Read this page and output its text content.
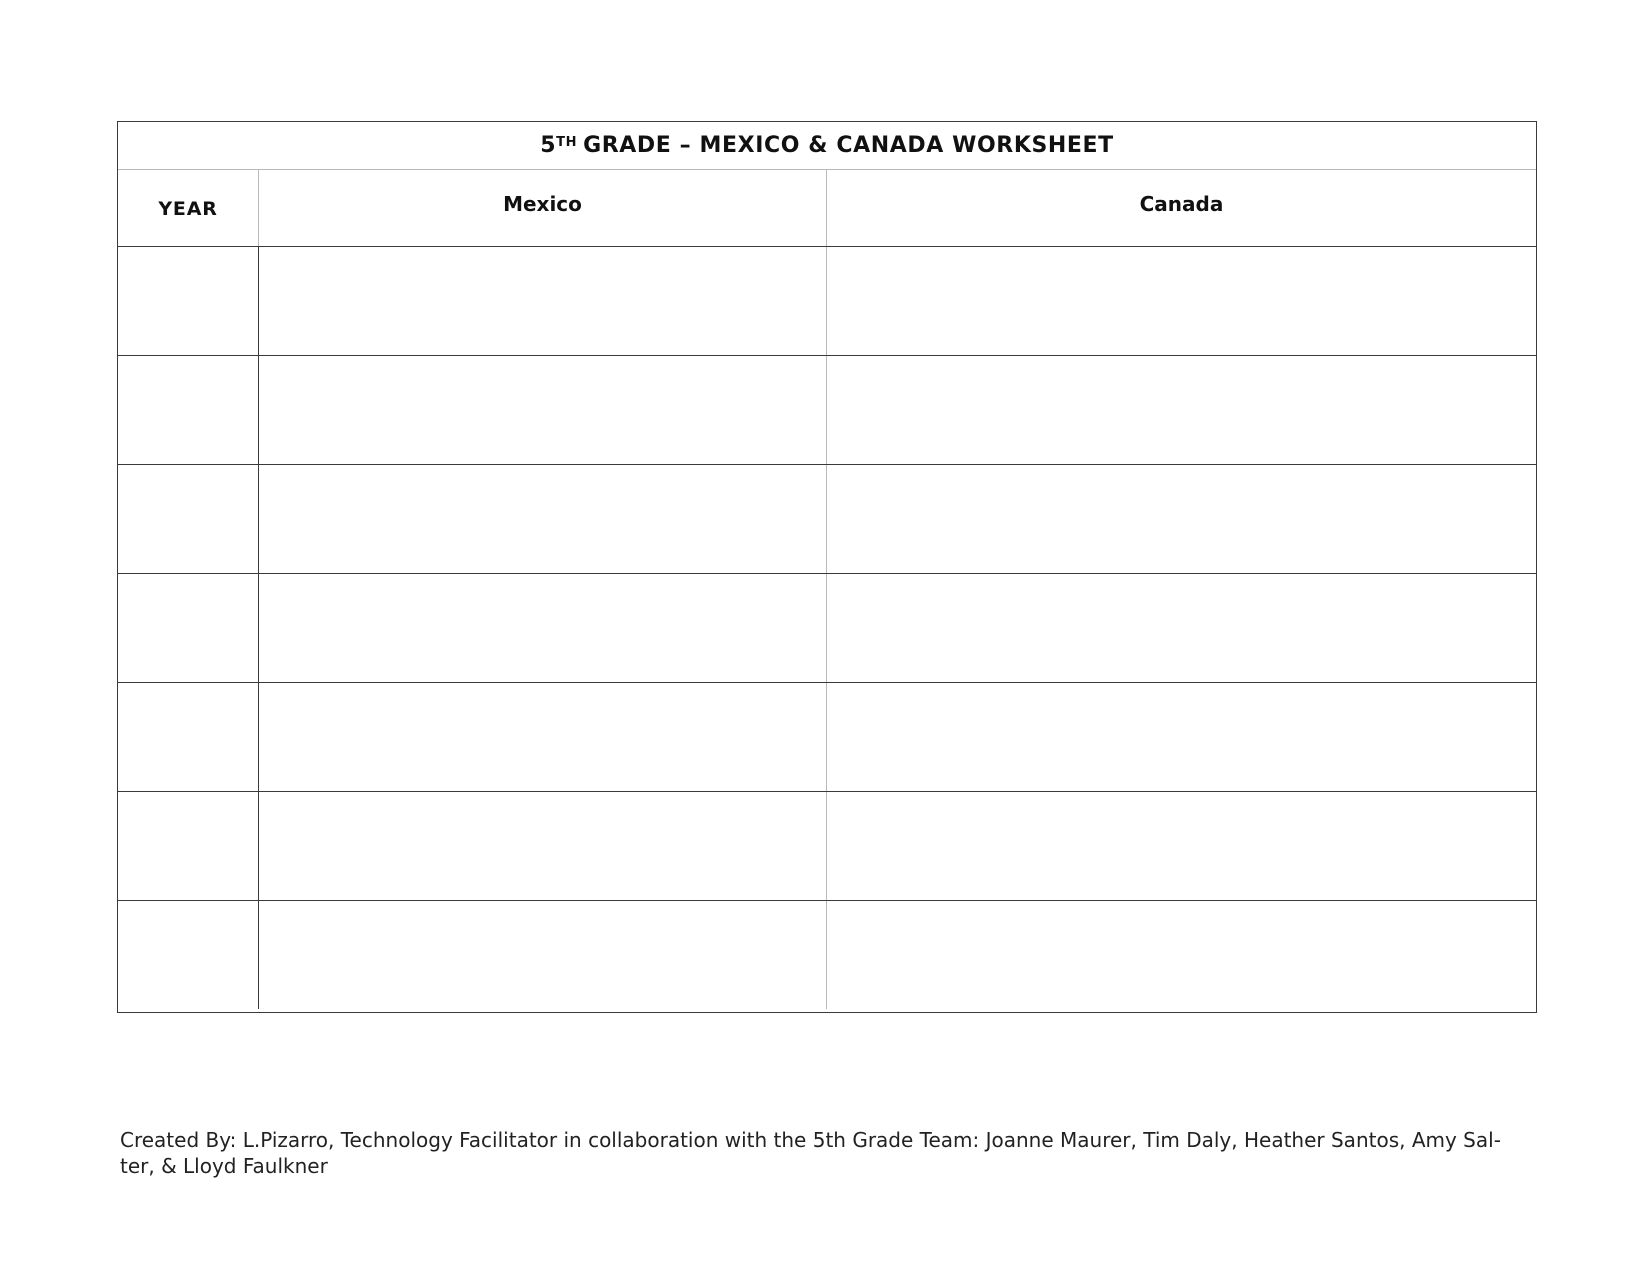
5TH GRADE – MEXICO & CANADA WORKSHEET
YEAR	Mexico	Canada
Created By: L.Pizarro, Technology Facilitator in collaboration with the 5th Grade Team: Joanne Maurer, Tim Daly, Heather Santos, Amy Sal-ter, & Lloyd Faulkner
